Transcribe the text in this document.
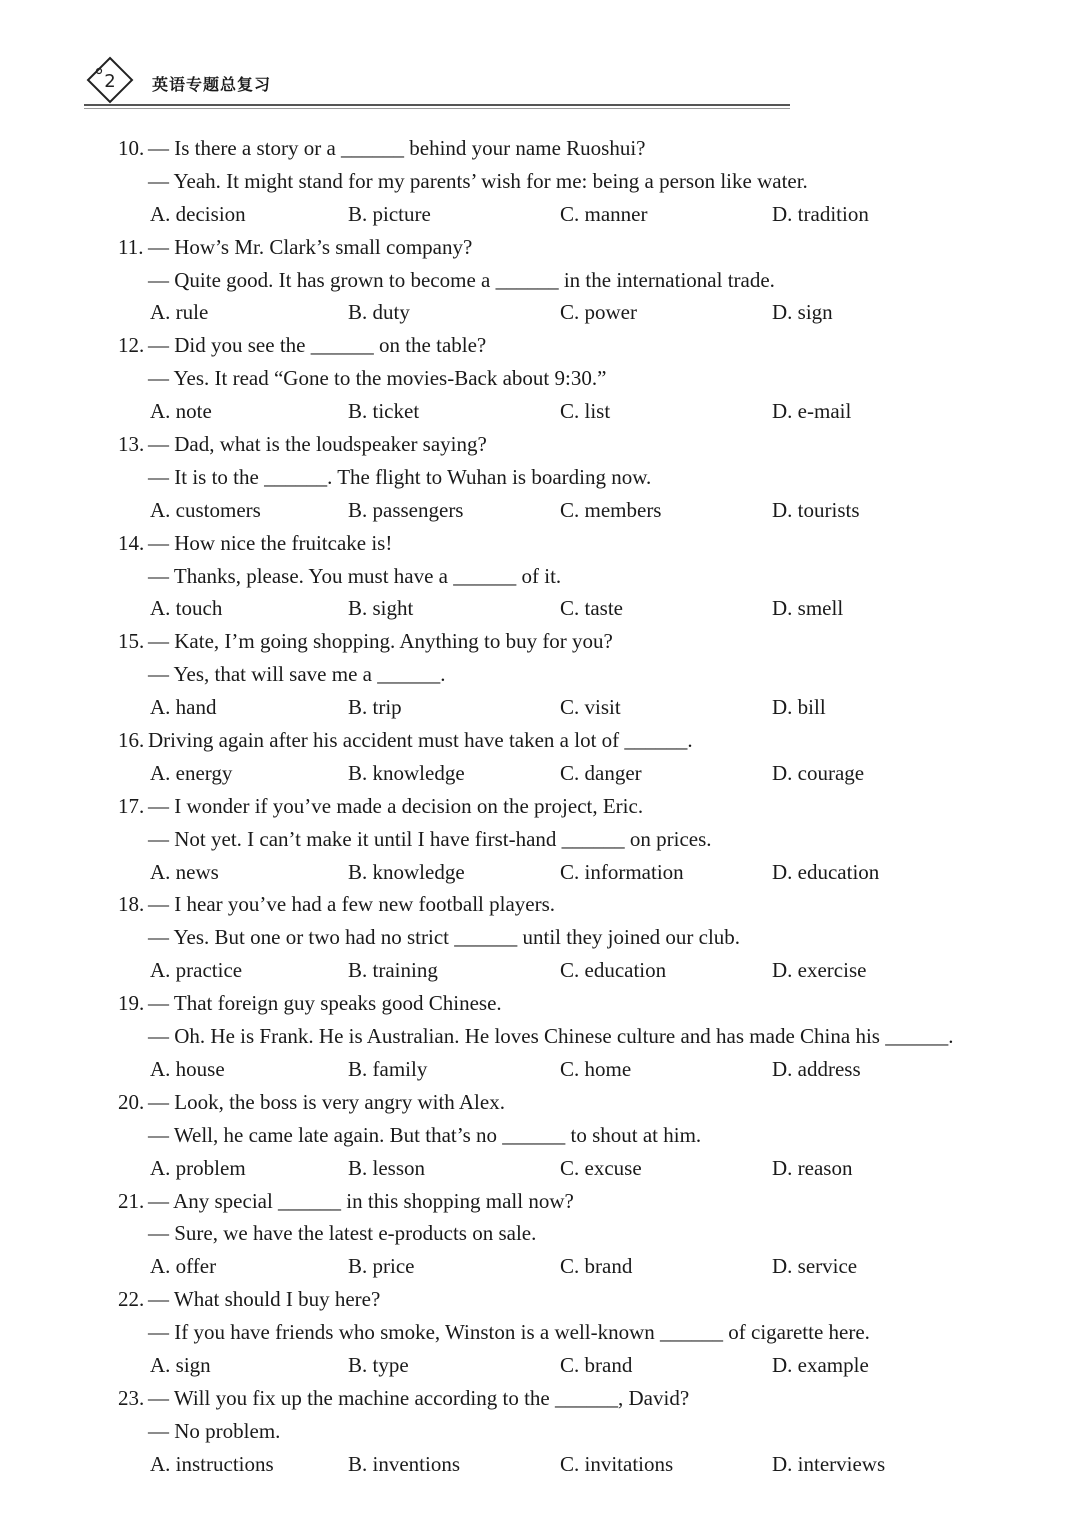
2 英语专题总复习
10. — Is there a story or a ______ behind your name Ruoshui?
— Yeah. It might stand for my parents’ wish for me: being a person like water.
A. decision	B. picture	C. manner	D. tradition
11. — How’s Mr. Clark’s small company?
— Quite good. It has grown to become a ______ in the international trade.
A. rule	B. duty	C. power	D. sign
12. — Did you see the ______ on the table?
— Yes. It read “Gone to the movies-Back about 9:30.”
A. note	B. ticket	C. list	D. e-mail
13. — Dad, what is the loudspeaker saying?
— It is to the ______. The flight to Wuhan is boarding now.
A. customers	B. passengers	C. members	D. tourists
14. — How nice the fruitcake is!
— Thanks, please. You must have a ______ of it.
A. touch	B. sight	C. taste	D. smell
15. — Kate, I’m going shopping. Anything to buy for you?
— Yes, that will save me a ______.
A. hand	B. trip	C. visit	D. bill
16. Driving again after his accident must have taken a lot of ______.
A. energy	B. knowledge	C. danger	D. courage
17. — I wonder if you’ve made a decision on the project, Eric.
— Not yet. I can’t make it until I have first-hand ______ on prices.
A. news	B. knowledge	C. information	D. education
18. — I hear you’ve had a few new football players.
— Yes. But one or two had no strict ______ until they joined our club.
A. practice	B. training	C. education	D. exercise
19. — That foreign guy speaks good Chinese.
— Oh. He is Frank. He is Australian. He loves Chinese culture and has made China his ______.
A. house	B. family	C. home	D. address
20. — Look, the boss is very angry with Alex.
— Well, he came late again. But that’s no ______ to shout at him.
A. problem	B. lesson	C. excuse	D. reason
21. — Any special ______ in this shopping mall now?
— Sure, we have the latest e-products on sale.
A. offer	B. price	C. brand	D. service
22. — What should I buy here?
— If you have friends who smoke, Winston is a well-known ______ of cigarette here.
A. sign	B. type	C. brand	D. example
23. — Will you fix up the machine according to the ______, David?
— No problem.
A. instructions	B. inventions	C. invitations	D. interviews
